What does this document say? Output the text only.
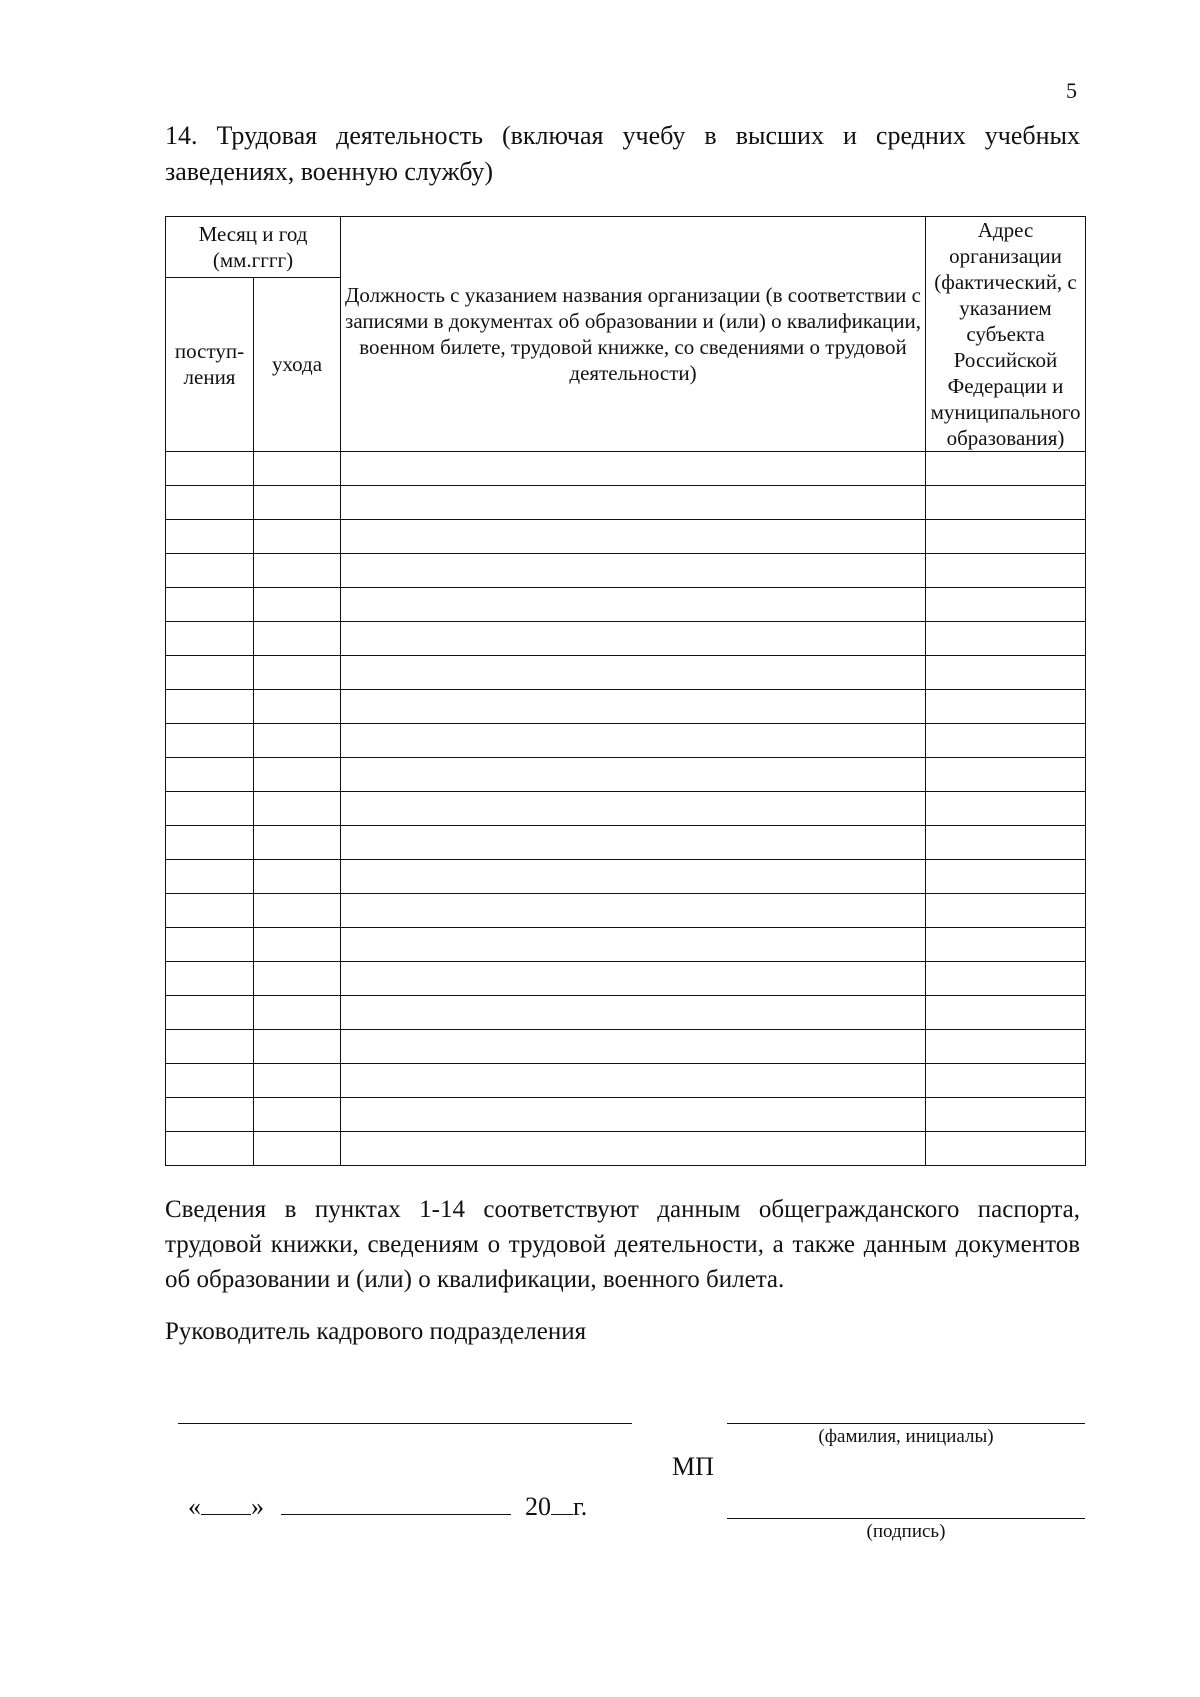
5
14. Трудовая деятельность (включая учебу в высших и средних учебных заведениях, военную службу)
Месяц и год (мм.гггг)		Должность с указанием названия организации (в соответствии с записями в документах об образовании и (или) о квалификации, военном билете, трудовой книжке, со сведениями о трудовой деятельности)	Адрес организации (фактический, с указанием субъекта Российской Федерации и муниципального образования)
поступ-ления	ухода		

Сведения в пунктах 1-14 соответствуют данным общегражданского паспорта, трудовой книжки, сведениям о трудовой деятельности, а также данным документов об образовании и (или) о квалификации, военного билета.
Руководитель кадрового подразделения
(фамилия, инициалы)
МП
« »	20 г.
(подпись)
